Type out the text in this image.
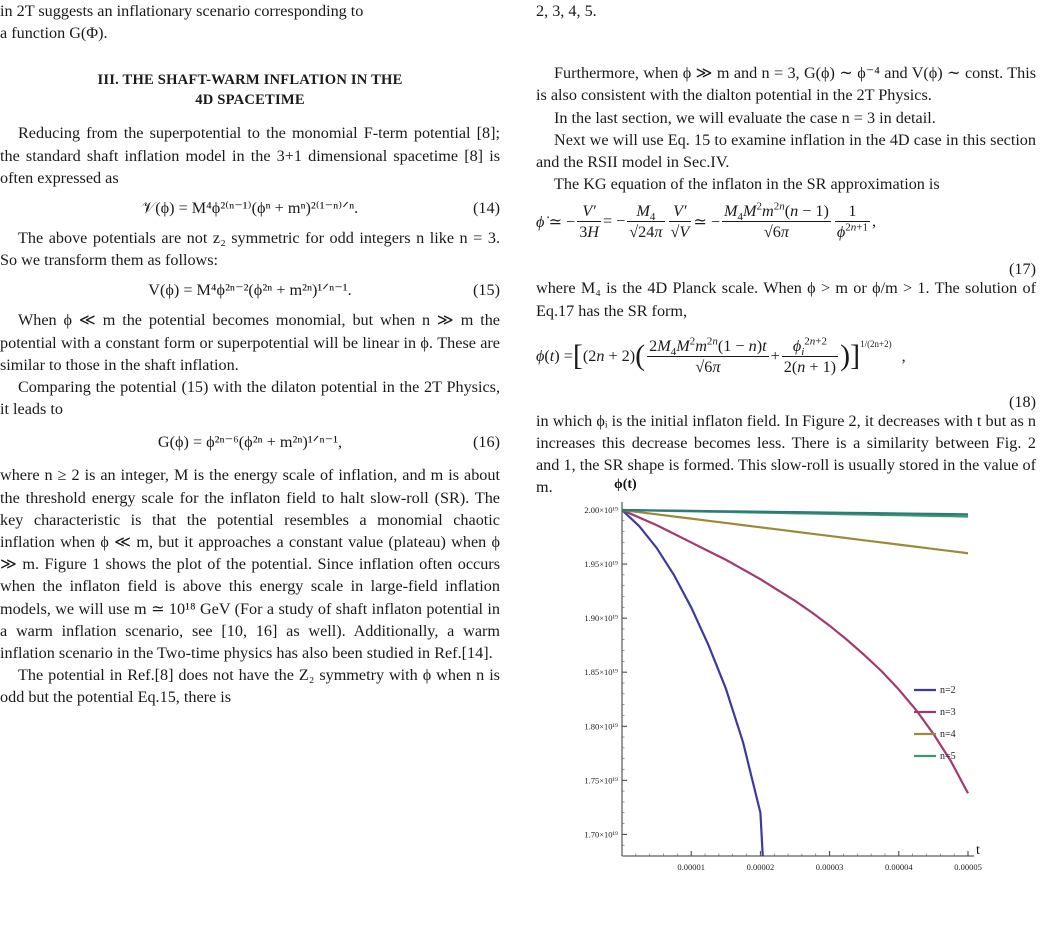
in 2T suggests an inflationary scenario corresponding to

a function G(Φ).

III. THE SHAFT-WARM INFLATION IN THE
4D SPACETIME

Reducing from the superpotential to the monomial F-term potential [8]; the standard shaft inflation model in the 3+1 dimensional spacetime [8] is often expressed as

𝒱(ϕ) = M⁴ϕ²⁽ⁿ⁻¹⁾(ϕⁿ + mⁿ)²⁽¹⁻ⁿ⁾ᐟⁿ.	(14)

The above potentials are not z₂ symmetric for odd integers n like n = 3. So we transform them as follows:

V(ϕ) = M⁴ϕ²ⁿ⁻²(ϕ²ⁿ + m²ⁿ)¹ᐟⁿ⁻¹.	(15)

When ϕ ≪ m the potential becomes monomial, but when n ≫ m the potential with a constant form or superpotential will be linear in ϕ. These are similar to those in the shaft inflation.

Comparing the potential (15) with the dilaton potential in the 2T Physics, it leads to

G(ϕ) = ϕ²ⁿ⁻⁶(ϕ²ⁿ + m²ⁿ)¹ᐟⁿ⁻¹,	(16)

where n ≥ 2 is an integer, M is the energy scale of inflation, and m is about the threshold energy scale for the inflaton field to halt slow-roll (SR). The key characteristic is that the potential resembles a monomial chaotic inflation when ϕ ≪ m, but it approaches a constant value (plateau) when ϕ ≫ m. Figure 1 shows the plot of the potential. Since inflation often occurs when the inflaton field is above this energy scale in large-field inflation models, we will use m ≃ 10¹⁸ GeV (For a study of shaft inflaton potential in a warm inflation scenario, see [10, 16] as well). Additionally, a warm inflation scenario in the Two-time physics has also been studied in Ref.[14].

The potential in Ref.[8] does not have the Z₂ symmetry with ϕ when n is odd but the potential Eq.15, there is

2, 3, 4, 5.

Furthermore, when ϕ ≫ m and n = 3, G(ϕ) ∼ ϕ⁻⁴ and V(ϕ) ∼ const. This is also consistent with the dialton potential in the 2T Physics.

In the last section, we will evaluate the case n = 3 in detail.

Next we will use Eq. 15 to examine inflation in the 4D case in this section and the RSII model in Sec.IV.

The KG equation of the inflaton in the SR approximation is

ϕ̇ ≃ − $\frac{V'}{3H}$ = − $\frac{M_4}{√24\pi} \frac{V'}{√V}$ ≃ − $\frac{M_4M^2m^{2n}(n - 1)}{√6\pi} \frac{1}{\phi^{2n+1}}$ ,
(17)

where M₄ is the 4D Planck scale. When ϕ > m or ϕ/m > 1. The solution of Eq.17 has the SR form,

ϕ(t) = [ (2n + 2) ( $\frac{2M_4M^2m^{2n}(1 - n)t}{√6\pi} + \frac{\phi_i^{2n+2}}{2(n + 1)}$ ) ]$^{1/(2n+2)}$
,
(18)

in which ϕᵢ is the initial inflaton field. In Figure 2, it decreases with t but as n increases this decrease becomes less. There is a similarity between Fig. 2 and 1, the SR shape is formed. This slow-roll is usually stored in the value of m.

2.00×10¹⁹
1.95×10¹⁹
1.90×10¹⁹
1.85×10¹⁹
1.80×10¹⁹
1.75×10¹⁹
1.70×10¹⁹
0.00001	0.00002	0.00003	0.00004	0.00005
ϕ(t)
t
n=2
n=3
n=4
n=5
